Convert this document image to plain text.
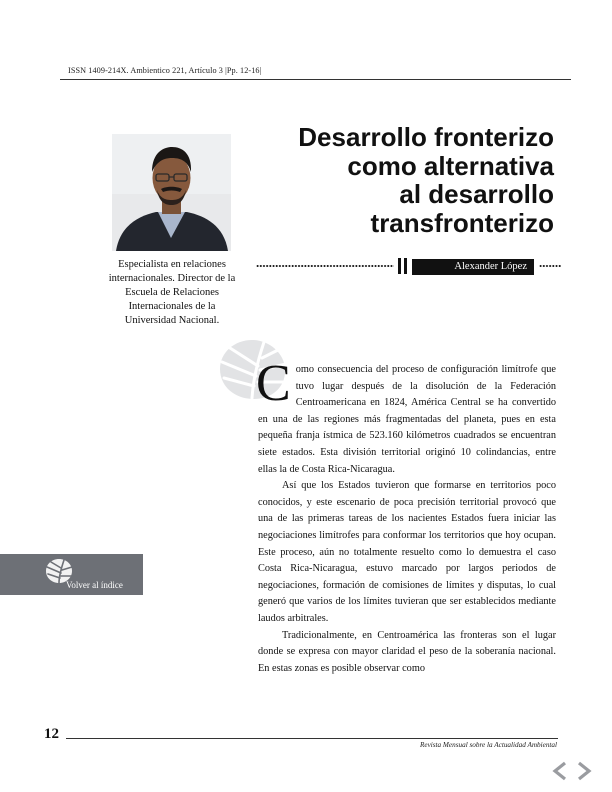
ISSN 1409-214X. Ambientico 221, Artículo 3 |Pp. 12-16|
Especialista en relaciones internacionales. Director de la Escuela de Relaciones Internacionales de la Universidad Nacional.
Desarrollo fronterizo
como alternativa
al desarrollo
transfronterizo
Alexander López

Como consecuencia del proceso de configuración limítrofe que tuvo lugar después de la disolución de la Federación Centroamericana en 1824, América Central se ha convertido en una de las regiones más fragmentadas del planeta, pues en esta pequeña franja ístmica de 523.160 kilómetros cuadrados se encuentran siete estados. Esta división territorial originó 10 colindancias, entre ellas la de Costa Rica-Nicaragua.

Así que los Estados tuvieron que formarse en territorios poco conocidos, y este escenario de poca precisión territorial provocó que una de las primeras tareas de los nacientes Estados fuera iniciar las negociaciones limítrofes para conformar los territorios que hoy ocupan. Este proceso, aún no totalmente resuelto como lo demuestra el caso Costa Rica-Nicaragua, estuvo marcado por largos periodos de negociaciones, formación de comisiones de límites y disputas, lo cual generó que varios de los límites tuvieran que ser establecidos mediante laudos arbitrales.

Tradicionalmente, en Centroamérica las fronteras son el lugar donde se expresa con mayor claridad el peso de la soberanía nacional. En estas zonas es posible observar como

Volver al índice
12
Revista Mensual sobre la Actualidad Ambiental
